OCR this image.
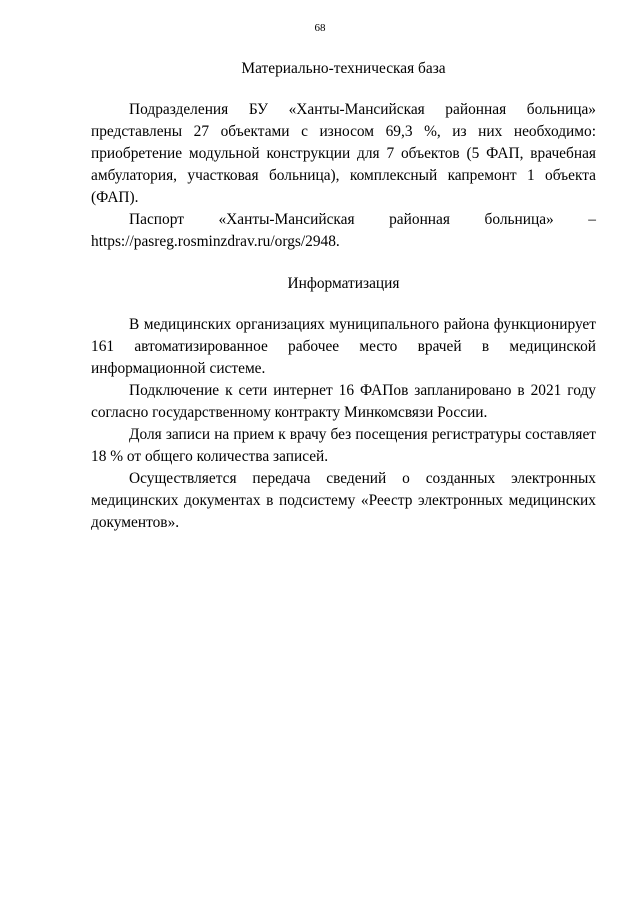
68

Материально-техническая база

Подразделения БУ «Ханты-Мансийская районная больница» представлены 27 объектами с износом 69,3 %, из них необходимо: приобретение модульной конструкции для 7 объектов (5 ФАП, врачебная амбулатория, участковая больница), комплексный капремонт 1 объекта (ФАП).

Паспорт «Ханты-Мансийская районная больница» – https://pasreg.rosminzdrav.ru/orgs/2948.

Информатизация

В медицинских организациях муниципального района функционирует 161 автоматизированное рабочее место врачей в медицинской информационной системе.

Подключение к сети интернет 16 ФАПов запланировано в 2021 году согласно государственному контракту Минкомсвязи России.

Доля записи на прием к врачу без посещения регистратуры составляет 18 % от общего количества записей.

Осуществляется передача сведений о созданных электронных медицинских документах в подсистему «Реестр электронных медицинских документов».
